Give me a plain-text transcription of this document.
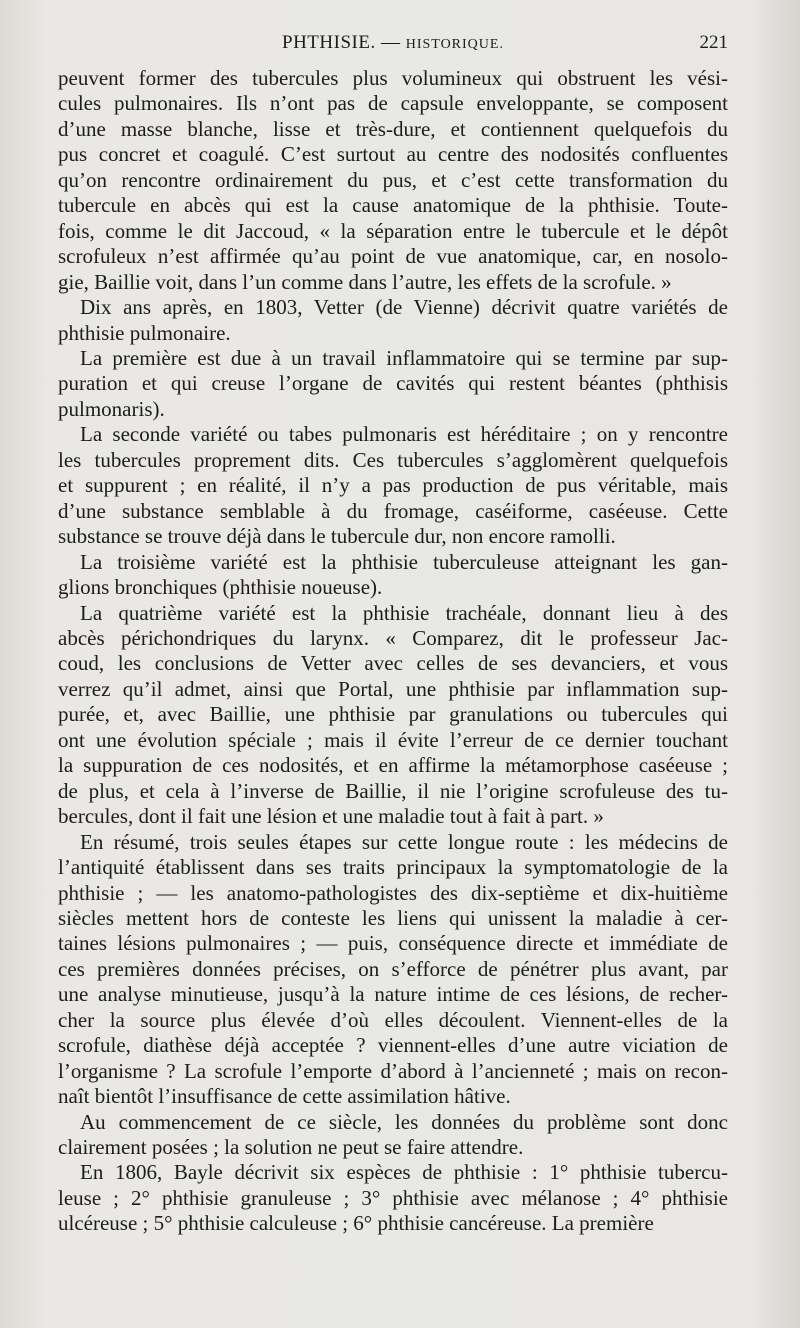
PHTHISIE. — HISTORIQUE.	221

peuvent former des tubercules plus volumineux qui obstruent les vési-
cules pulmonaires. Ils n’ont pas de capsule enveloppante, se composent
d’une masse blanche, lisse et très-dure, et contiennent quelquefois du
pus concret et coagulé. C’est surtout au centre des nodosités confluentes
qu’on rencontre ordinairement du pus, et c’est cette transformation du
tubercule en abcès qui est la cause anatomique de la phthisie. Toute-
fois, comme le dit Jaccoud, « la séparation entre le tubercule et le dépôt
scrofuleux n’est affirmée qu’au point de vue anatomique, car, en nosolo-
gie, Baillie voit, dans l’un comme dans l’autre, les effets de la scrofule. »

Dix ans après, en 1803, Vetter (de Vienne) décrivit quatre variétés de
phthisie pulmonaire.

La première est due à un travail inflammatoire qui se termine par sup-
puration et qui creuse l’organe de cavités qui restent béantes (phthisis
pulmonaris).

La seconde variété ou tabes pulmonaris est héréditaire ; on y rencontre
les tubercules proprement dits. Ces tubercules s’agglomèrent quelquefois
et suppurent ; en réalité, il n’y a pas production de pus véritable, mais
d’une substance semblable à du fromage, caséiforme, caséeuse. Cette
substance se trouve déjà dans le tubercule dur, non encore ramolli.

La troisième variété est la phthisie tuberculeuse atteignant les gan-
glions bronchiques (phthisie noueuse).

La quatrième variété est la phthisie trachéale, donnant lieu à des
abcès périchondriques du larynx. « Comparez, dit le professeur Jac-
coud, les conclusions de Vetter avec celles de ses devanciers, et vous
verrez qu’il admet, ainsi que Portal, une phthisie par inflammation sup-
purée, et, avec Baillie, une phthisie par granulations ou tubercules qui
ont une évolution spéciale ; mais il évite l’erreur de ce dernier touchant
la suppuration de ces nodosités, et en affirme la métamorphose caséeuse ;
de plus, et cela à l’inverse de Baillie, il nie l’origine scrofuleuse des tu-
bercules, dont il fait une lésion et une maladie tout à fait à part. »

En résumé, trois seules étapes sur cette longue route : les médecins de
l’antiquité établissent dans ses traits principaux la symptomatologie de la
phthisie ; — les anatomo-pathologistes des dix-septième et dix-huitième
siècles mettent hors de conteste les liens qui unissent la maladie à cer-
taines lésions pulmonaires ; — puis, conséquence directe et immédiate de
ces premières données précises, on s’efforce de pénétrer plus avant, par
une analyse minutieuse, jusqu’à la nature intime de ces lésions, de recher-
cher la source plus élevée d’où elles découlent. Viennent-elles de la
scrofule, diathèse déjà acceptée ? viennent-elles d’une autre viciation de
l’organisme ? La scrofule l’emporte d’abord à l’ancienneté ; mais on recon-
naît bientôt l’insuffisance de cette assimilation hâtive.

Au commencement de ce siècle, les données du problème sont donc
clairement posées ; la solution ne peut se faire attendre.

En 1806, Bayle décrivit six espèces de phthisie : 1° phthisie tubercu-
leuse ; 2° phthisie granuleuse ; 3° phthisie avec mélanose ; 4° phthisie
ulcéreuse ; 5° phthisie calculeuse ; 6° phthisie cancéreuse. La première
